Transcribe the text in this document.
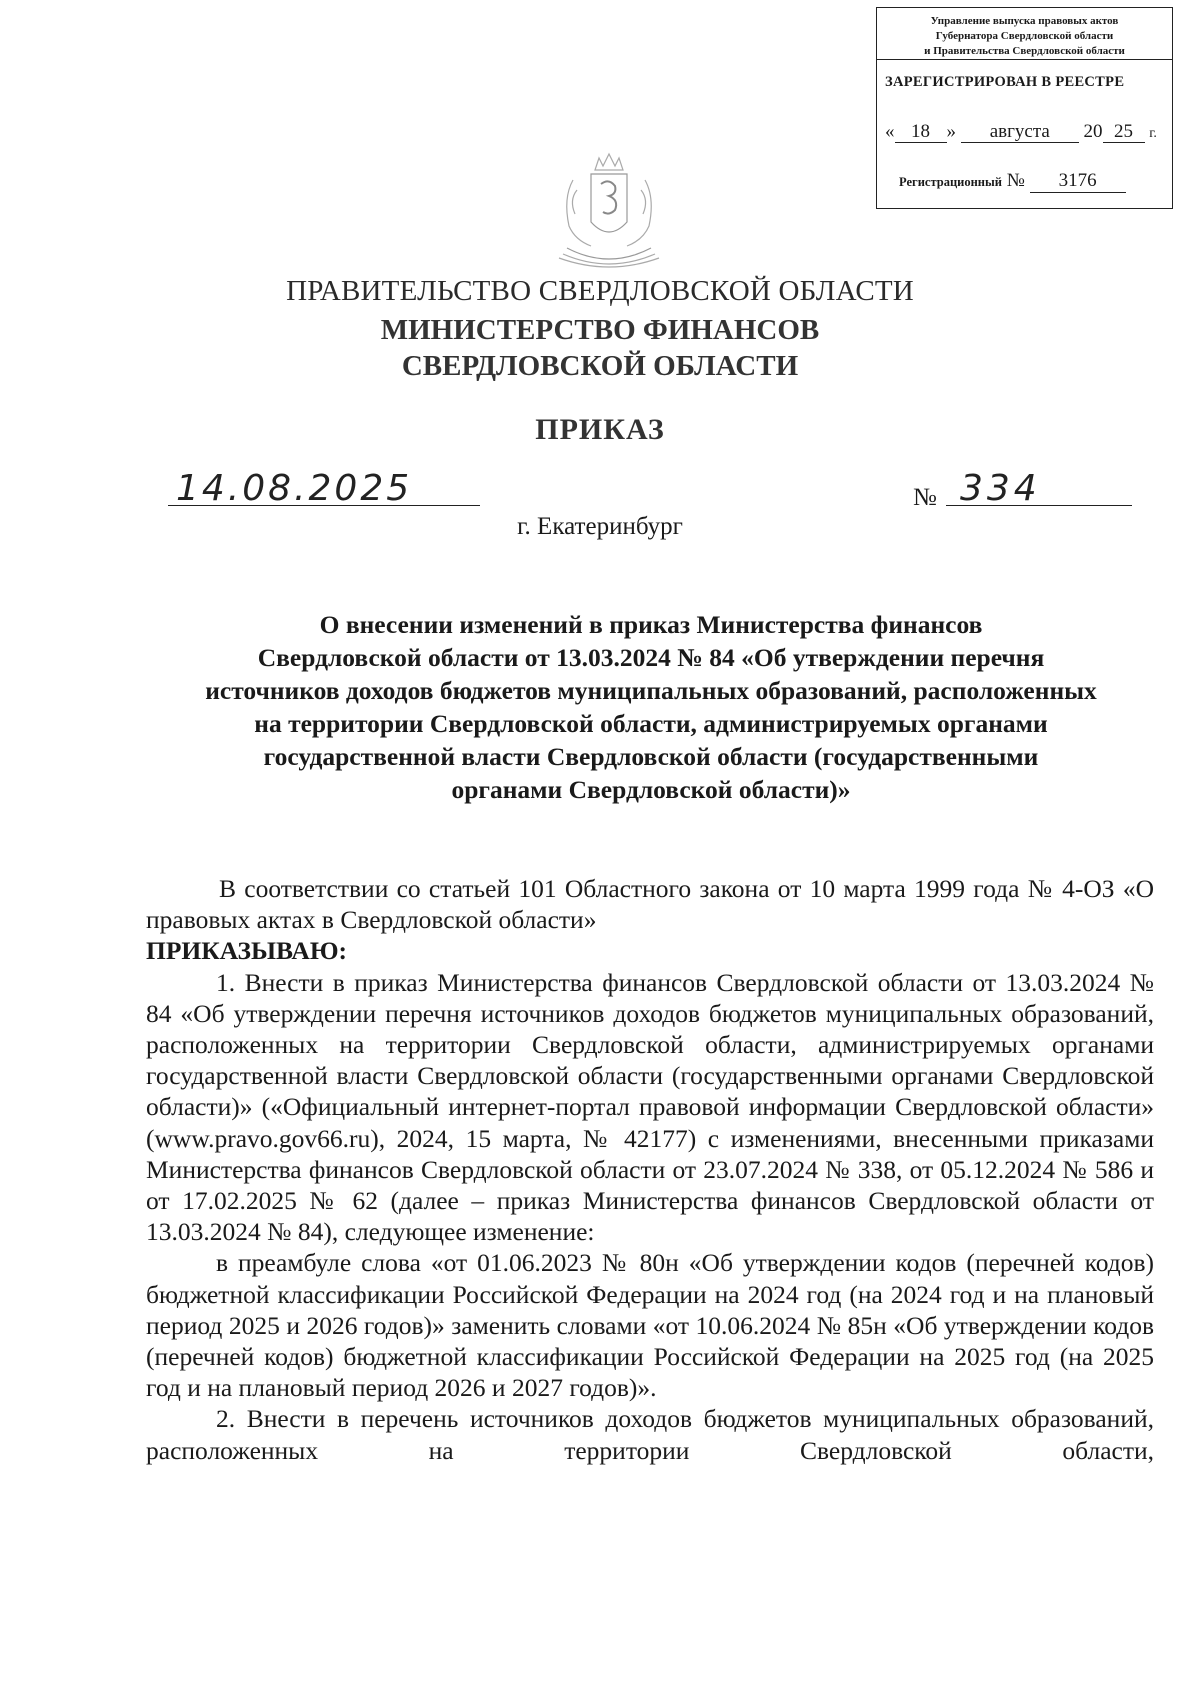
Управление выпуска правовых актов
Губернатора Свердловской области
и Правительства Свердловской области
ЗАРЕГИСТРИРОВАН В РЕЕСТРЕ
« 18 » августа 20 25 г.
Регистрационный № 3176
ПРАВИТЕЛЬСТВО СВЕРДЛОВСКОЙ ОБЛАСТИ
МИНИСТЕРСТВО ФИНАНСОВ
СВЕРДЛОВСКОЙ ОБЛАСТИ
ПРИКАЗ
14.08.2025	№ 334
г. Екатеринбург
О внесении изменений в приказ Министерства финансов
Свердловской области от 13.03.2024 № 84 «Об утверждении перечня
источников доходов бюджетов муниципальных образований, расположенных
на территории Свердловской области, администрируемых органами
государственной власти Свердловской области (государственными
органами Свердловской области)»

В соответствии со статьей 101 Областного закона от 10 марта 1999 года № 4-ОЗ «О правовых актах в Свердловской области»

ПРИКАЗЫВАЮ:

1. Внести в приказ Министерства финансов Свердловской области от 13.03.2024 № 84 «Об утверждении перечня источников доходов бюджетов муниципальных образований, расположенных на территории Свердловской области, администрируемых органами государственной власти Свердловской области (государственными органами Свердловской области)» («Официальный интернет-портал правовой информации Свердловской области» (www.pravo.gov66.ru), 2024, 15 марта, № 42177) с изменениями, внесенными приказами Министерства финансов Свердловской области от 23.07.2024 № 338, от 05.12.2024 № 586 и от 17.02.2025 № 62 (далее – приказ Министерства финансов Свердловской области от 13.03.2024 № 84), следующее изменение:

в преамбуле слова «от 01.06.2023 № 80н «Об утверждении кодов (перечней кодов) бюджетной классификации Российской Федерации на 2024 год (на 2024 год и на плановый период 2025 и 2026 годов)» заменить словами «от 10.06.2024 № 85н «Об утверждении кодов (перечней кодов) бюджетной классификации Российской Федерации на 2025 год (на 2025 год и на плановый период 2026 и 2027 годов)».

2. Внести в перечень источников доходов бюджетов муниципальных образований, расположенных на территории Свердловской области,
